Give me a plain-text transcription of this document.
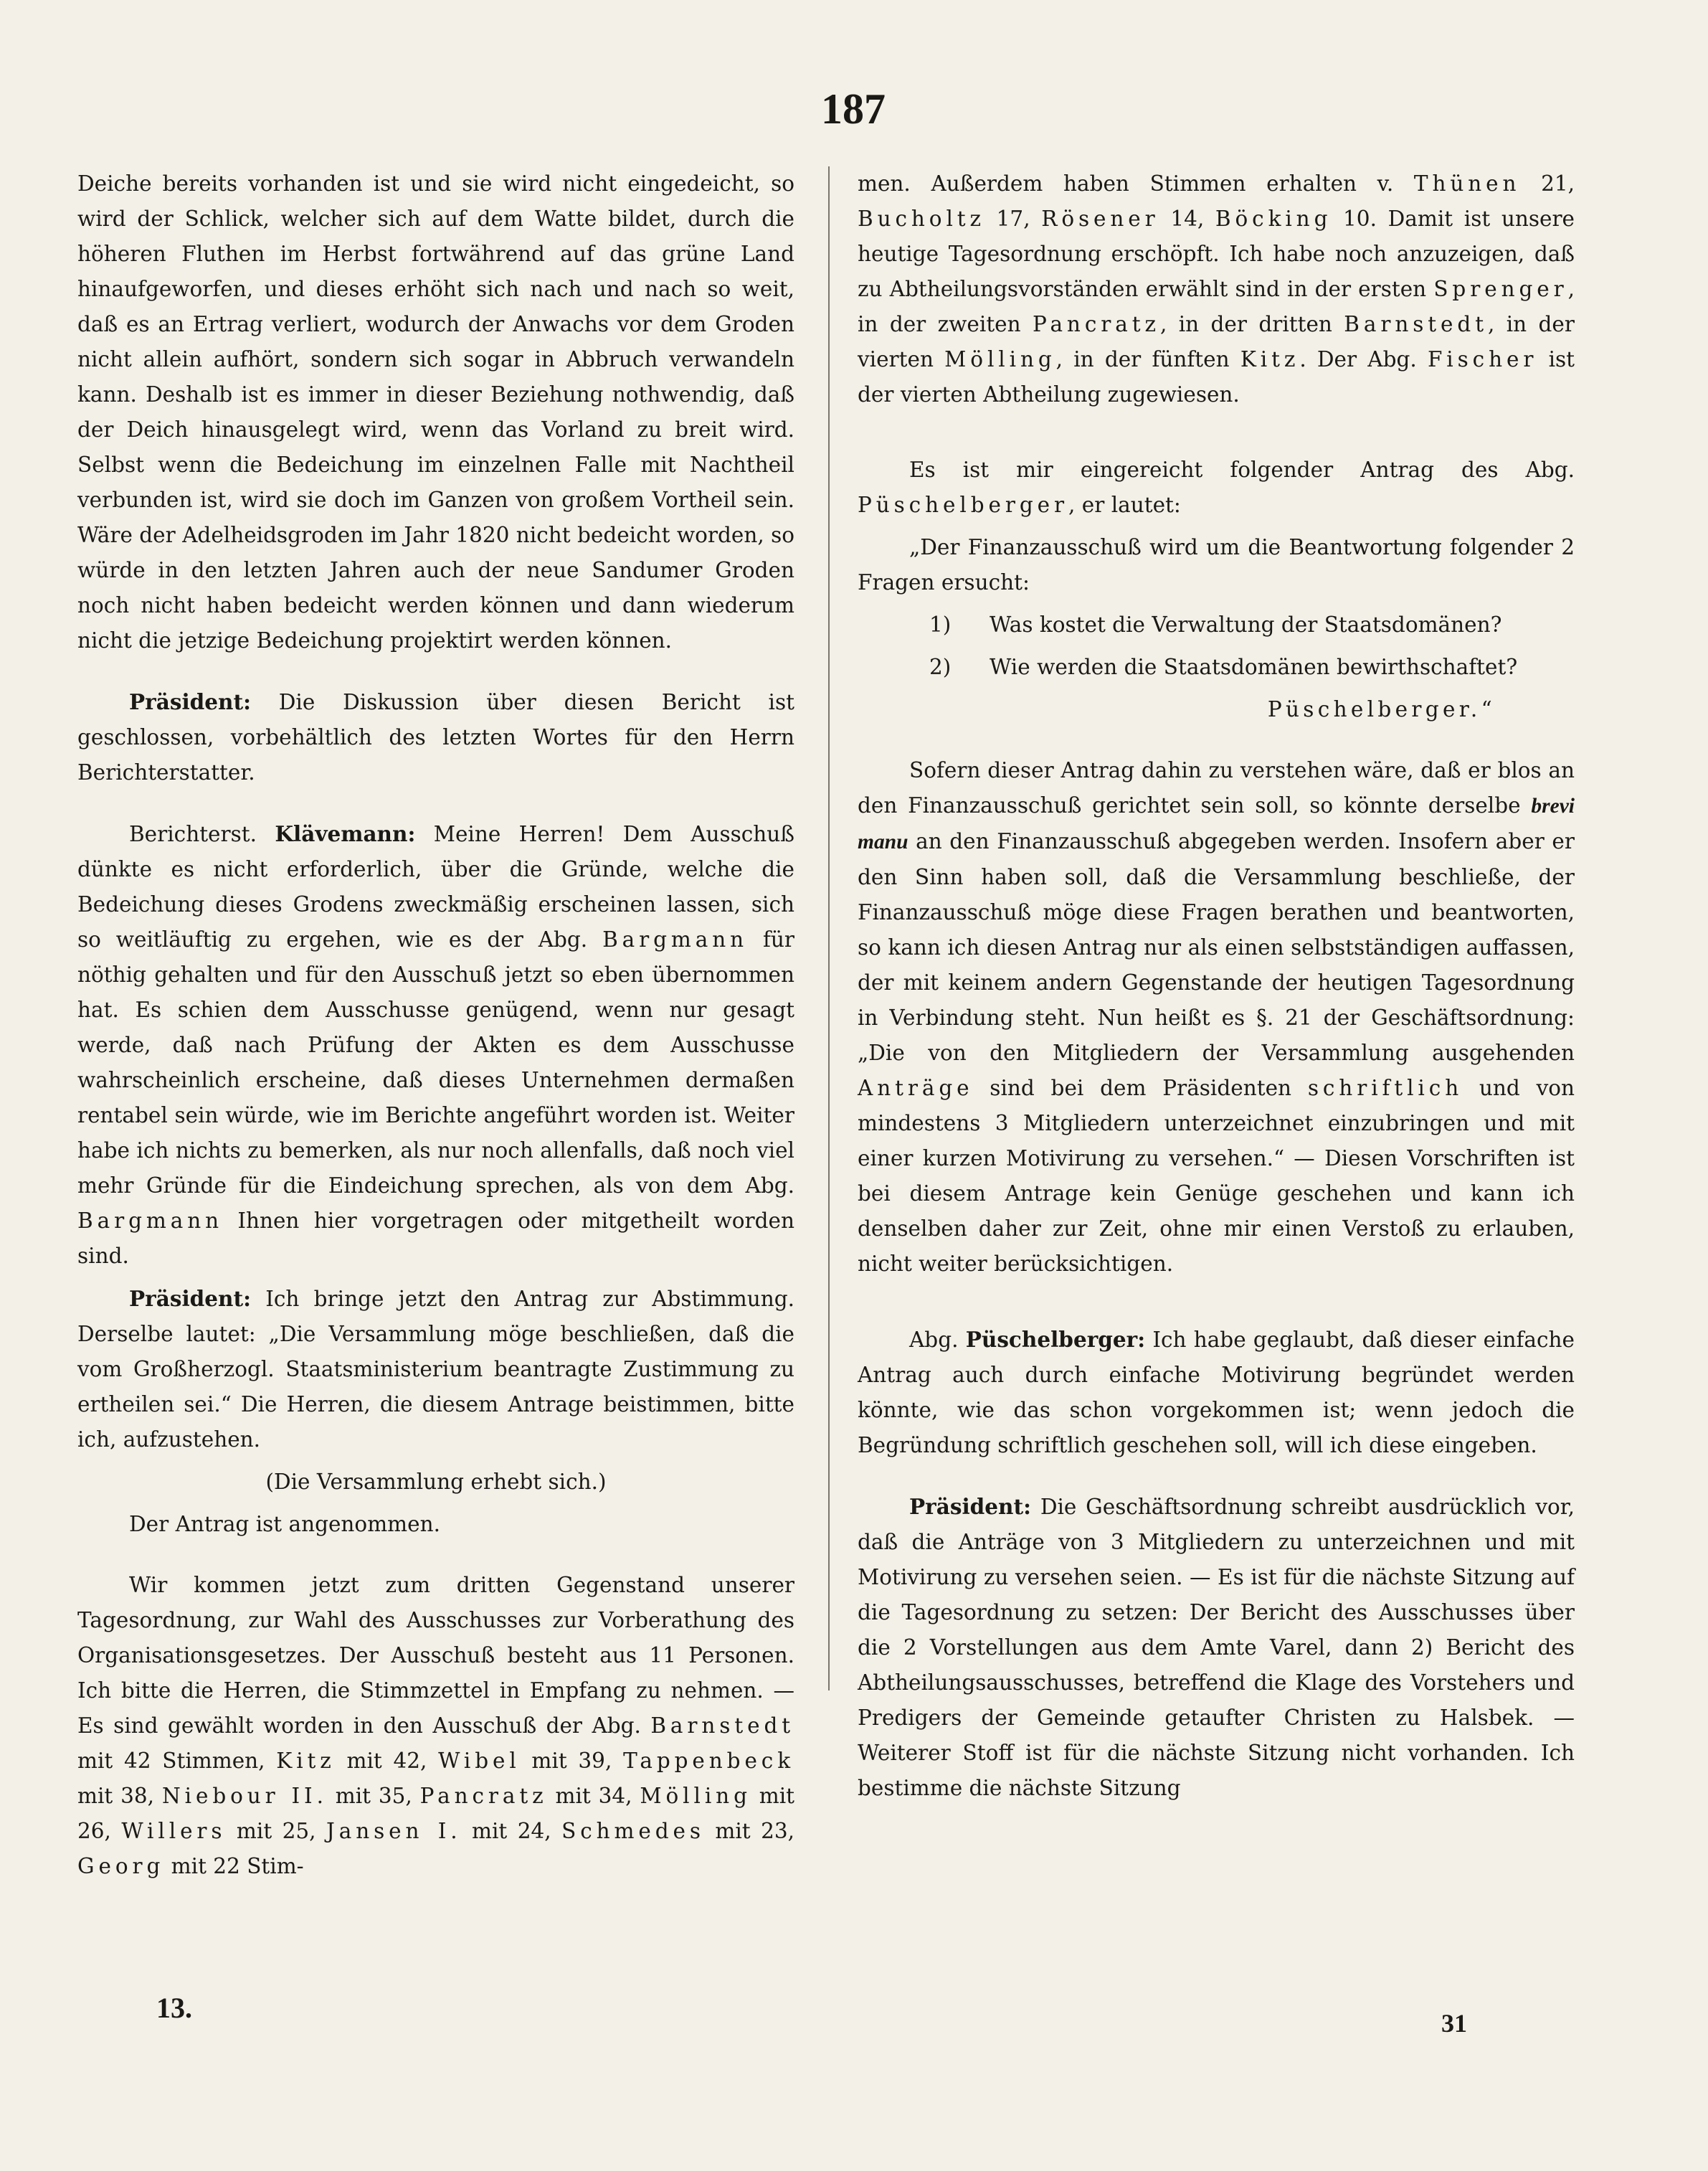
187

Deiche bereits vorhanden ist und sie wird nicht eingedeicht, so wird der Schlick, welcher sich auf dem Watte bildet, durch die höheren Fluthen im Herbst fortwährend auf das grüne Land hinaufgeworfen, und dieses erhöht sich nach und nach so weit, daß es an Ertrag verliert, wodurch der Anwachs vor dem Groden nicht allein aufhört, sondern sich sogar in Abbruch verwandeln kann. Deshalb ist es immer in dieser Beziehung nothwendig, daß der Deich hinausgelegt wird, wenn das Vorland zu breit wird. Selbst wenn die Bedeichung im einzelnen Falle mit Nachtheil verbunden ist, wird sie doch im Ganzen von großem Vortheil sein. Wäre der Adelheidsgroden im Jahr 1820 nicht bedeicht worden, so würde in den letzten Jahren auch der neue Sandumer Groden noch nicht haben bedeicht werden können und dann wiederum nicht die jetzige Bedeichung projektirt werden können.

Präsident: Die Diskussion über diesen Bericht ist geschlossen, vorbehältlich des letzten Wortes für den Herrn Berichterstatter.

Berichterst. Klävemann: Meine Herren! Dem Ausschuß dünkte es nicht erforderlich, über die Gründe, welche die Bedeichung dieses Grodens zweckmäßig erscheinen lassen, sich so weitläuftig zu ergehen, wie es der Abg. Bargmann für nöthig gehalten und für den Ausschuß jetzt so eben übernommen hat. Es schien dem Ausschusse genügend, wenn nur gesagt werde, daß nach Prüfung der Akten es dem Ausschusse wahrscheinlich erscheine, daß dieses Unternehmen dermaßen rentabel sein würde, wie im Berichte angeführt worden ist. Weiter habe ich nichts zu bemerken, als nur noch allenfalls, daß noch viel mehr Gründe für die Eindeichung sprechen, als von dem Abg. Bargmann Ihnen hier vorgetragen oder mitgetheilt worden sind.

Präsident: Ich bringe jetzt den Antrag zur Abstimmung. Derselbe lautet: „Die Versammlung möge beschließen, daß die vom Großherzogl. Staatsministerium beantragte Zustimmung zu ertheilen sei.“ Die Herren, die diesem Antrage beistimmen, bitte ich, aufzustehen.

(Die Versammlung erhebt sich.)

Der Antrag ist angenommen.

Wir kommen jetzt zum dritten Gegenstand unserer Tagesordnung, zur Wahl des Ausschusses zur Vorberathung des Organisationsgesetzes. Der Ausschuß besteht aus 11 Personen. Ich bitte die Herren, die Stimmzettel in Empfang zu nehmen. — Es sind gewählt worden in den Ausschuß der Abg. Barnstedt mit 42 Stimmen, Kitz mit 42, Wibel mit 39, Tappenbeck mit 38, Niebour II. mit 35, Pancratz mit 34, Mölling mit 26, Willers mit 25, Jansen I. mit 24, Schmedes mit 23, Georg mit 22 Stim-

men. Außerdem haben Stimmen erhalten v. Thünen 21, Bucholtz 17, Rösener 14, Böcking 10. Damit ist unsere heutige Tagesordnung erschöpft. Ich habe noch anzuzeigen, daß zu Abtheilungsvorständen erwählt sind in der ersten Sprenger, in der zweiten Pancratz, in der dritten Barnstedt, in der vierten Mölling, in der fünften Kitz. Der Abg. Fischer ist der vierten Abtheilung zugewiesen.

Es ist mir eingereicht folgender Antrag des Abg. Püschelberger, er lautet:

„Der Finanzausschuß wird um die Beantwortung folgender 2 Fragen ersucht:

1)	Was kostet die Verwaltung der Staatsdomänen?
2)	Wie werden die Staatsdomänen bewirthschaftet?

Püschelberger.“

Sofern dieser Antrag dahin zu verstehen wäre, daß er blos an den Finanzausschuß gerichtet sein soll, so könnte derselbe brevi manu an den Finanzausschuß abgegeben werden. Insofern aber er den Sinn haben soll, daß die Versammlung beschließe, der Finanzausschuß möge diese Fragen berathen und beantworten, so kann ich diesen Antrag nur als einen selbstständigen auffassen, der mit keinem andern Gegenstande der heutigen Tagesordnung in Verbindung steht. Nun heißt es §. 21 der Geschäftsordnung: „Die von den Mitgliedern der Versammlung ausgehenden Anträge sind bei dem Präsidenten schriftlich und von mindestens 3 Mitgliedern unterzeichnet einzubringen und mit einer kurzen Motivirung zu versehen.“ — Diesen Vorschriften ist bei diesem Antrage kein Genüge geschehen und kann ich denselben daher zur Zeit, ohne mir einen Verstoß zu erlauben, nicht weiter berücksichtigen.

Abg. Püschelberger: Ich habe geglaubt, daß dieser einfache Antrag auch durch einfache Motivirung begründet werden könnte, wie das schon vorgekommen ist; wenn jedoch die Begründung schriftlich geschehen soll, will ich diese eingeben.

Präsident: Die Geschäftsordnung schreibt ausdrücklich vor, daß die Anträge von 3 Mitgliedern zu unterzeichnen und mit Motivirung zu versehen seien. — Es ist für die nächste Sitzung auf die Tagesordnung zu setzen: Der Bericht des Ausschusses über die 2 Vorstellungen aus dem Amte Varel, dann 2) Bericht des Abtheilungsausschusses, betreffend die Klage des Vorstehers und Predigers der Gemeinde getaufter Christen zu Halsbek. — Weiterer Stoff ist für die nächste Sitzung nicht vorhanden. Ich bestimme die nächste Sitzung

13.	31
